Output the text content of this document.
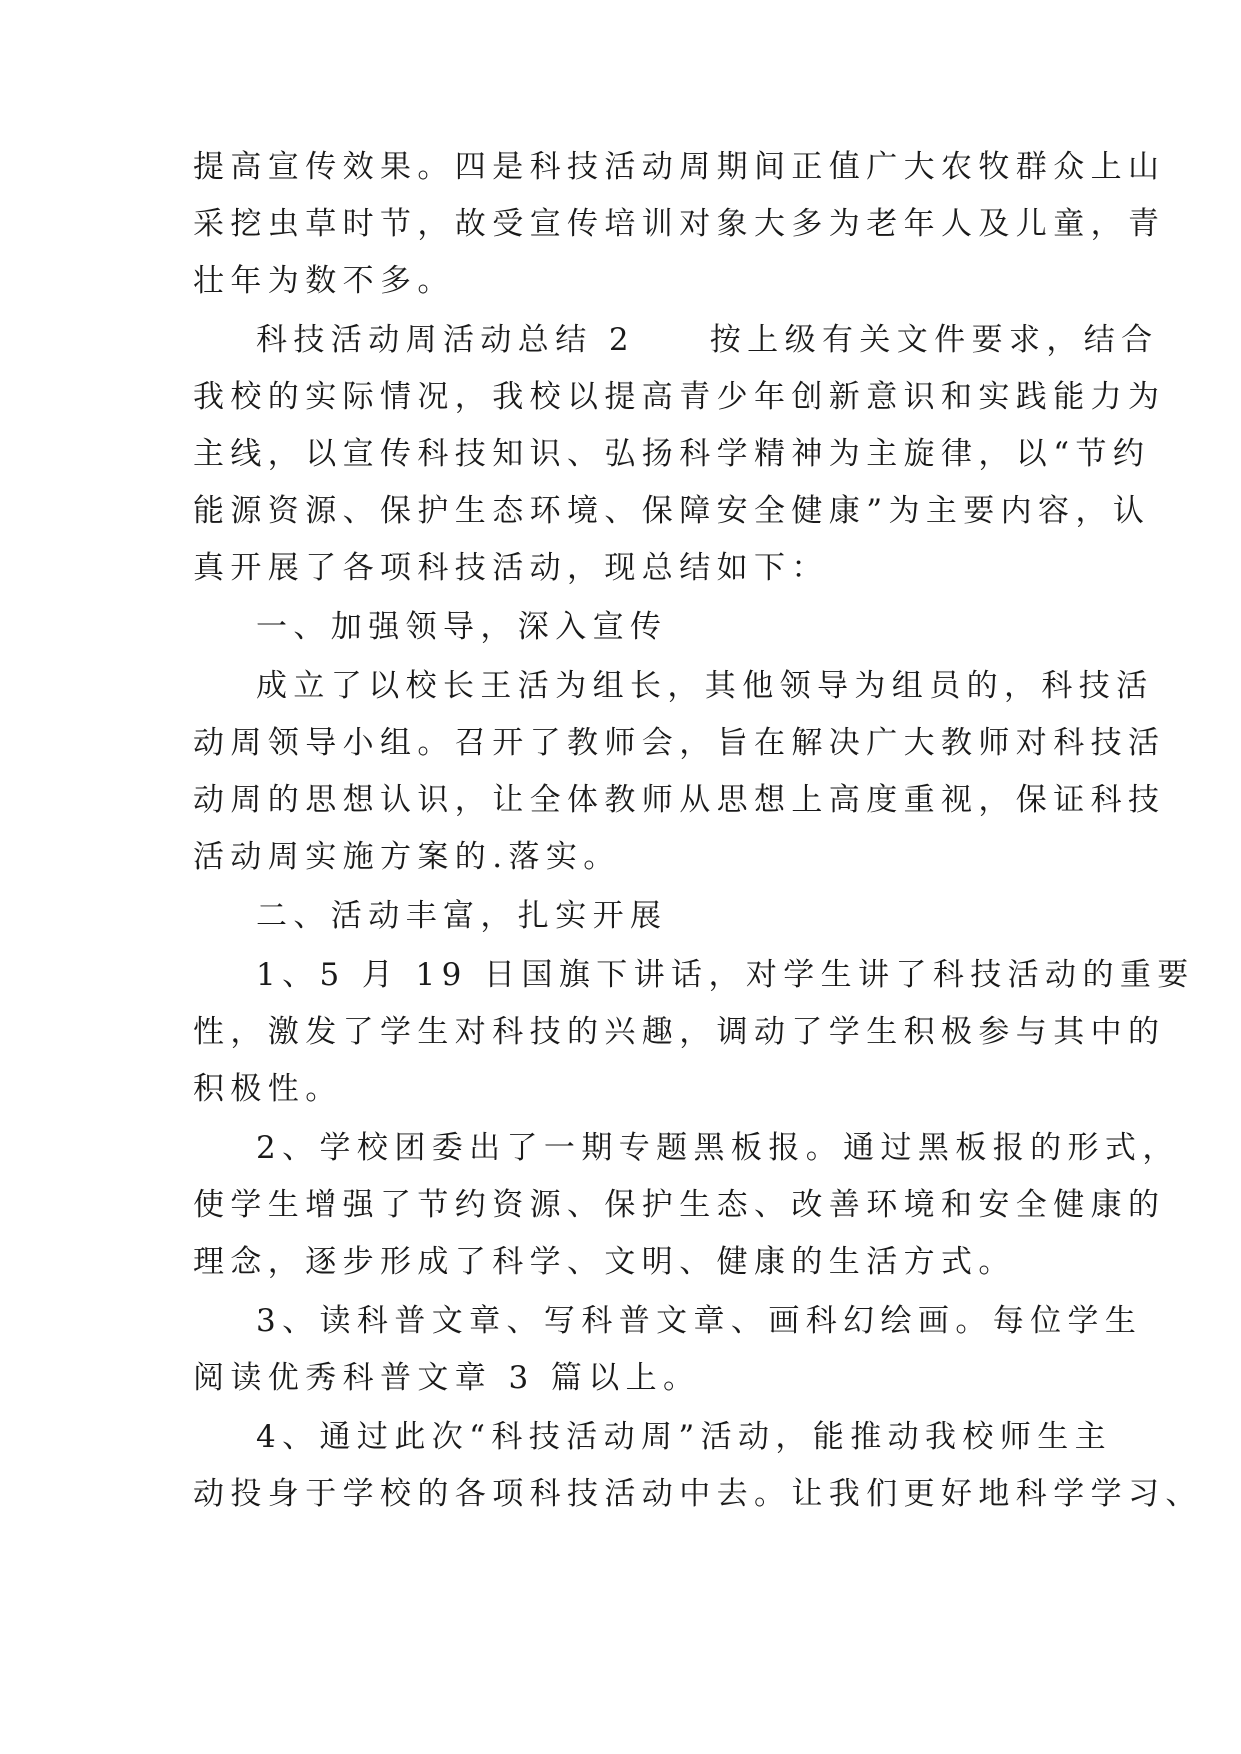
提高宣传效果。四是科技活动周期间正值广大农牧群众上山
采挖虫草时节，故受宣传培训对象大多为老年人及儿童，青
壮年为数不多。
科技活动周活动总结 2　　按上级有关文件要求，结合
我校的实际情况，我校以提高青少年创新意识和实践能力为
主线，以宣传科技知识、弘扬科学精神为主旋律，以“节约
能源资源、保护生态环境、保障安全健康”为主要内容，认
真开展了各项科技活动，现总结如下：
一、加强领导，深入宣传
成立了以校长王活为组长，其他领导为组员的，科技活
动周领导小组。召开了教师会，旨在解决广大教师对科技活
动周的思想认识，让全体教师从思想上高度重视，保证科技
活动周实施方案的.落实。
二、活动丰富，扎实开展
1、5 月 19 日国旗下讲话，对学生讲了科技活动的重要
性，激发了学生对科技的兴趣，调动了学生积极参与其中的
积极性。
2、学校团委出了一期专题黑板报。通过黑板报的形式，
使学生增强了节约资源、保护生态、改善环境和安全健康的
理念，逐步形成了科学、文明、健康的生活方式。
3、读科普文章、写科普文章、画科幻绘画。每位学生
阅读优秀科普文章 3 篇以上。
4、通过此次“科技活动周”活动，能推动我校师生主
动投身于学校的各项科技活动中去。让我们更好地科学学习、
